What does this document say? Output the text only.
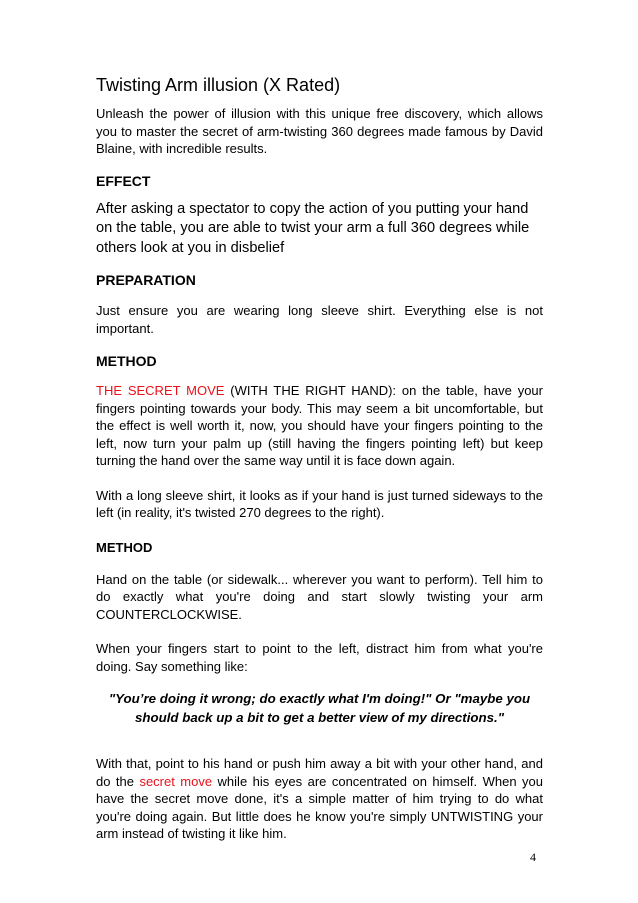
Twisting Arm illusion (X Rated)

Unleash the power of illusion with this unique free discovery, which allows you to master the secret of arm-twisting 360 degrees made famous by David Blaine, with incredible results.

EFFECT

After asking a spectator to copy the action of you putting your hand on the table, you are able to twist your arm a full 360 degrees while others look at you in disbelief

PREPARATION

Just ensure you are wearing long sleeve shirt. Everything else is not important.

METHOD

THE SECRET MOVE (WITH THE RIGHT HAND): on the table, have your fingers pointing towards your body. This may seem a bit uncomfortable, but the effect is well worth it, now, you should have your fingers pointing to the left, now turn your palm up (still having the fingers pointing left) but keep turning the hand over the same way until it is face down again.

With a long sleeve shirt, it looks as if your hand is just turned sideways to the left (in reality, it's twisted 270 degrees to the right).

METHOD

Hand on the table (or sidewalk... wherever you want to perform). Tell him to do exactly what you're doing and start slowly twisting your arm COUNTERCLOCKWISE.

When your fingers start to point to the left, distract him from what you're doing. Say something like:

"You’re doing it wrong; do exactly what I'm doing!" Or "maybe you

should back up a bit to get a better view of my directions."

With that, point to his hand or push him away a bit with your other hand, and do the secret move while his eyes are concentrated on himself. When you have the secret move done, it's a simple matter of him trying to do what you're doing again. But little does he know you're simply UNTWISTING your arm instead of twisting it like him.

4
